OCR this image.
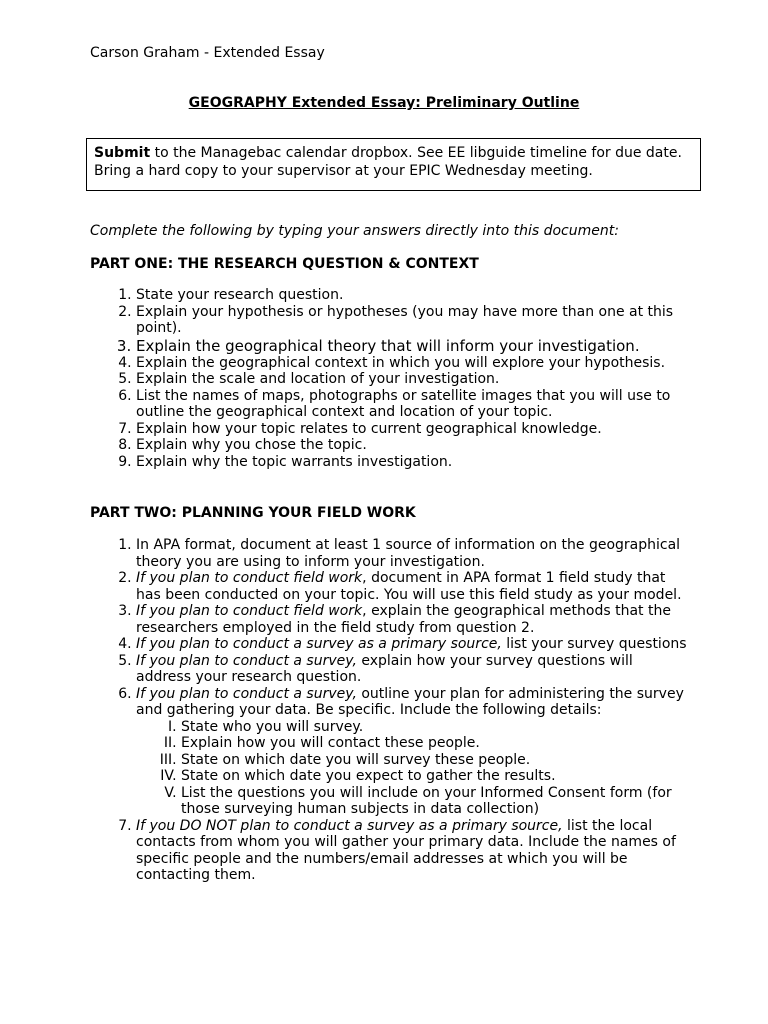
Carson Graham - Extended Essay
GEOGRAPHY Extended Essay: Preliminary Outline
Submit to the Managebac calendar dropbox. See EE libguide timeline for due date.
Bring a hard copy to your supervisor at your EPIC Wednesday meeting.
Complete the following by typing your answers directly into this document:
PART ONE: THE RESEARCH QUESTION & CONTEXT
1. State your research question.
2. Explain your hypothesis or hypotheses (you may have more than one at this point).
3. Explain the geographical theory that will inform your investigation.
4. Explain the geographical context in which you will explore your hypothesis.
5. Explain the scale and location of your investigation.
6. List the names of maps, photographs or satellite images that you will use to outline the geographical context and location of your topic.
7. Explain how your topic relates to current geographical knowledge.
8. Explain why you chose the topic.
9. Explain why the topic warrants investigation.
PART TWO: PLANNING YOUR FIELD WORK
1. In APA format, document at least 1 source of information on the geographical theory you are using to inform your investigation.
2. If you plan to conduct field work, document in APA format 1 field study that has been conducted on your topic. You will use this field study as your model.
3. If you plan to conduct field work, explain the geographical methods that the researchers employed in the field study from question 2.
4. If you plan to conduct a survey as a primary source, list your survey questions
5. If you plan to conduct a survey, explain how your survey questions will address your research question.
6. If you plan to conduct a survey, outline your plan for administering the survey and gathering your data. Be specific. Include the following details:
I. State who you will survey.
II. Explain how you will contact these people.
III. State on which date you will survey these people.
IV. State on which date you expect to gather the results.
V. List the questions you will include on your Informed Consent form (for those surveying human subjects in data collection)
7. If you DO NOT plan to conduct a survey as a primary source, list the local contacts from whom you will gather your primary data. Include the names of specific people and the numbers/email addresses at which you will be contacting them.
